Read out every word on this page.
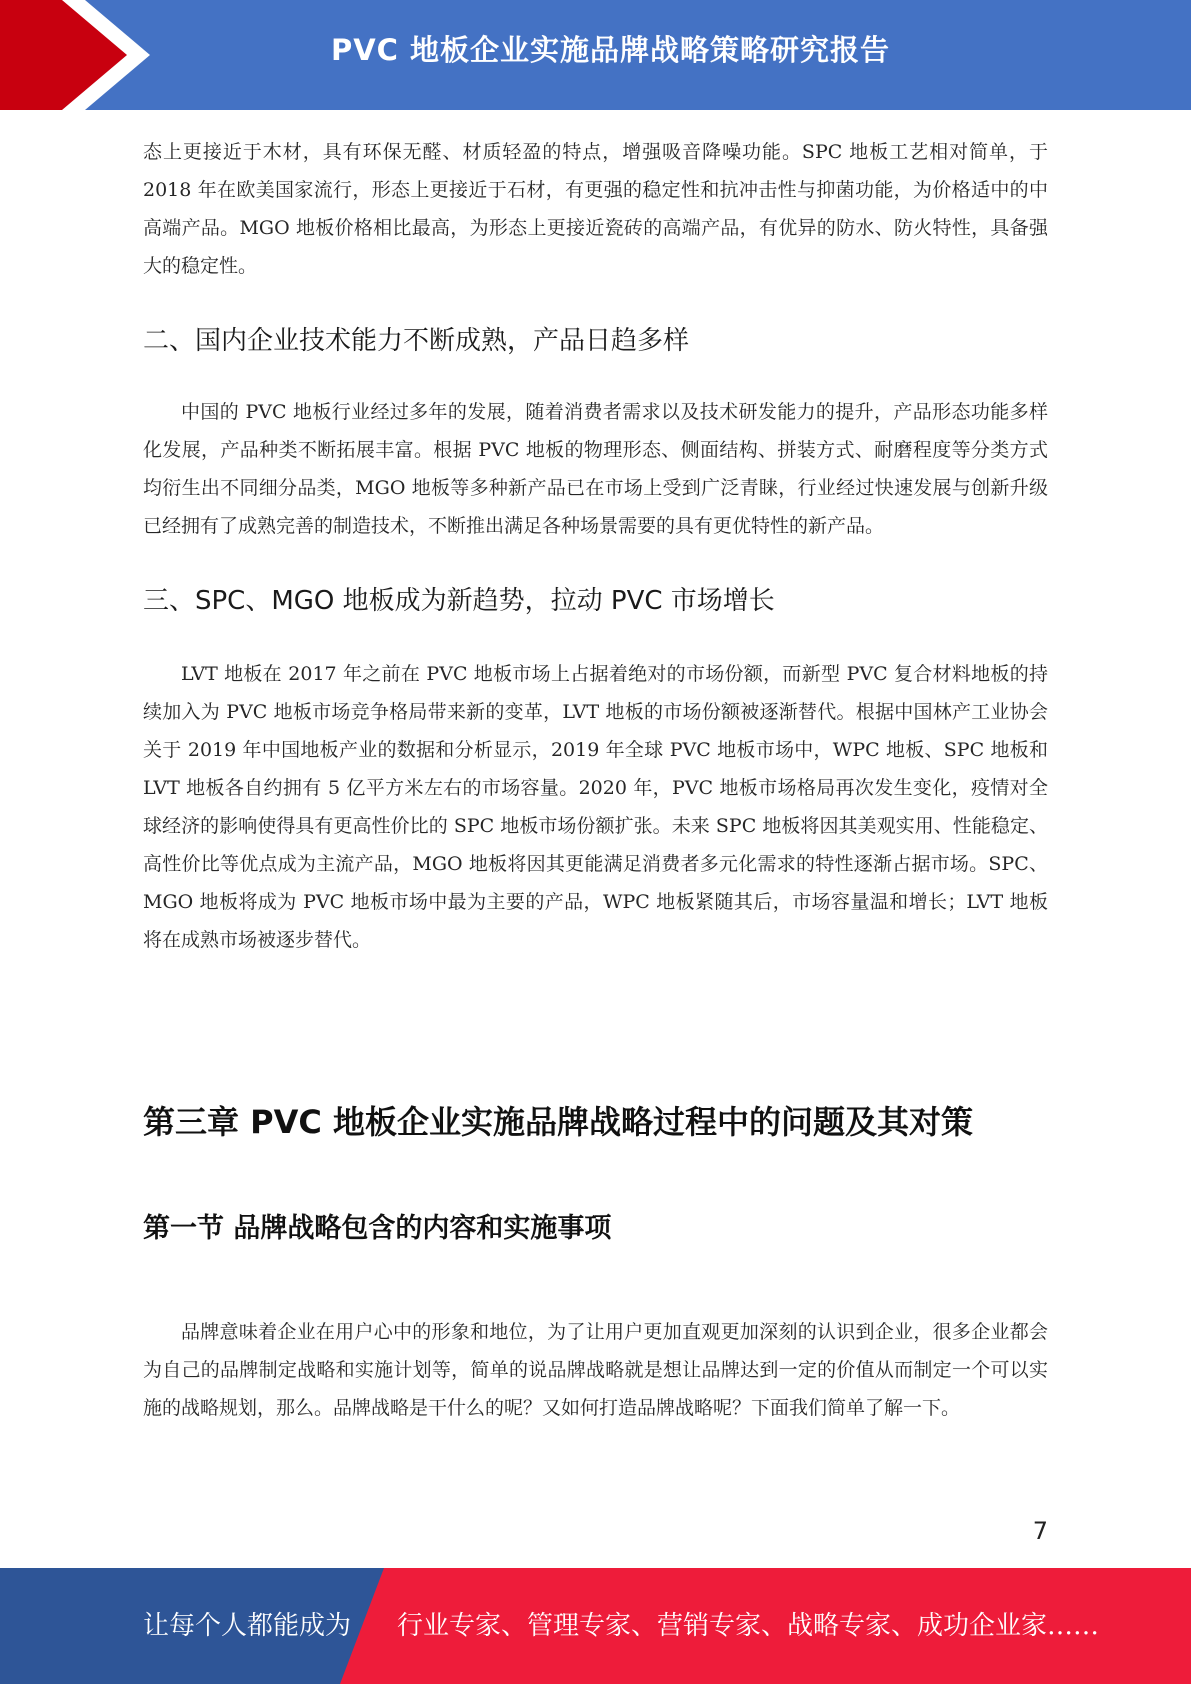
PVC 地板企业实施品牌战略策略研究报告

态上更接近于木材，具有环保无醛、材质轻盈的特点，增强吸音降噪功能。SPC 地板工艺相对简单，于 2018 年在欧美国家流行，形态上更接近于石材，有更强的稳定性和抗冲击性与抑菌功能，为价格适中的中高端产品。MGO 地板价格相比最高，为形态上更接近瓷砖的高端产品，有优异的防水、防火特性，具备强大的稳定性。

二、国内企业技术能力不断成熟，产品日趋多样

中国的 PVC 地板行业经过多年的发展，随着消费者需求以及技术研发能力的提升，产品形态功能多样化发展，产品种类不断拓展丰富。根据 PVC 地板的物理形态、侧面结构、拼装方式、耐磨程度等分类方式均衍生出不同细分品类，MGO 地板等多种新产品已在市场上受到广泛青睐，行业经过快速发展与创新升级已经拥有了成熟完善的制造技术，不断推出满足各种场景需要的具有更优特性的新产品。

三、SPC、MGO 地板成为新趋势，拉动 PVC 市场增长

LVT 地板在 2017 年之前在 PVC 地板市场上占据着绝对的市场份额，而新型 PVC 复合材料地板的持续加入为 PVC 地板市场竞争格局带来新的变革，LVT 地板的市场份额被逐渐替代。根据中国林产工业协会关于 2019 年中国地板产业的数据和分析显示，2019 年全球 PVC 地板市场中，WPC 地板、SPC 地板和 LVT 地板各自约拥有 5 亿平方米左右的市场容量。2020 年，PVC 地板市场格局再次发生变化，疫情对全球经济的影响使得具有更高性价比的 SPC 地板市场份额扩张。未来 SPC 地板将因其美观实用、性能稳定、高性价比等优点成为主流产品，MGO 地板将因其更能满足消费者多元化需求的特性逐渐占据市场。SPC、MGO 地板将成为 PVC 地板市场中最为主要的产品，WPC 地板紧随其后，市场容量温和增长；LVT 地板将在成熟市场被逐步替代。

第三章 PVC 地板企业实施品牌战略过程中的问题及其对策
第一节 品牌战略包含的内容和实施事项

品牌意味着企业在用户心中的形象和地位，为了让用户更加直观更加深刻的认识到企业，很多企业都会为自己的品牌制定战略和实施计划等，简单的说品牌战略就是想让品牌达到一定的价值从而制定一个可以实施的战略规划，那么。品牌战略是干什么的呢？又如何打造品牌战略呢？下面我们简单了解一下。

7
让每个人都能成为 行业专家、管理专家、营销专家、战略专家、成功企业家……
